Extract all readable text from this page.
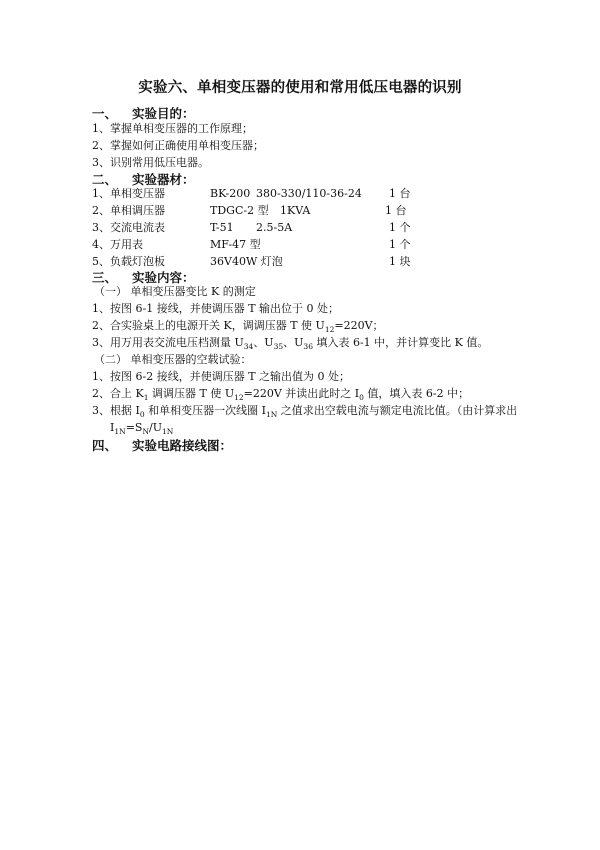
实验六、单相变压器的使用和常用低压电器的识别
一、 实验目的：
1、掌握单相变压器的工作原理；
2、掌握如何正确使用单相变压器；
3、识别常用低压电器。
二、 实验器材：
1、 单相变压器	BK-200 380-330/110-36-24 1 台
2、 单相调压器	TDGC-2 型 1KVA	1 台
3、 交流电流表	T-51 2.5-5A	1 个
4、 万用表	MF-47 型	1 个
5、 负载灯泡板	36V40W 灯泡	1 块
三、 实验内容：
（一） 单相变压器变比 K 的测定
1、按图 6-1 接线，并使调压器 T 输出位于 0 处；
2、合实验桌上的电源开关 K，调调压器 T 使 $U_{12}=220V$；
3、用万用表交流电压档测量 $U_{34}$、$U_{35}$、$U_{36}$ 填入表 6-1 中，并计算变比 K 值。
（二） 单相变压器的空载试验：
1、按图 6-2 接线，并使调压器 T 之输出值为 0 处；
2、合上 $K_1$ 调调压器 T 使 $U_{12}=220V$ 并读出此时之 $I_0$ 值，填入表 6-2 中；
3、根据 $I_0$ 和单相变压器一次线圈 $I_{1N}$ 之值求出空载电流与额定电流比值。（由计算求出
$I_{1N}=S_N/U_{1N}$
四、 实验电路接线图：
